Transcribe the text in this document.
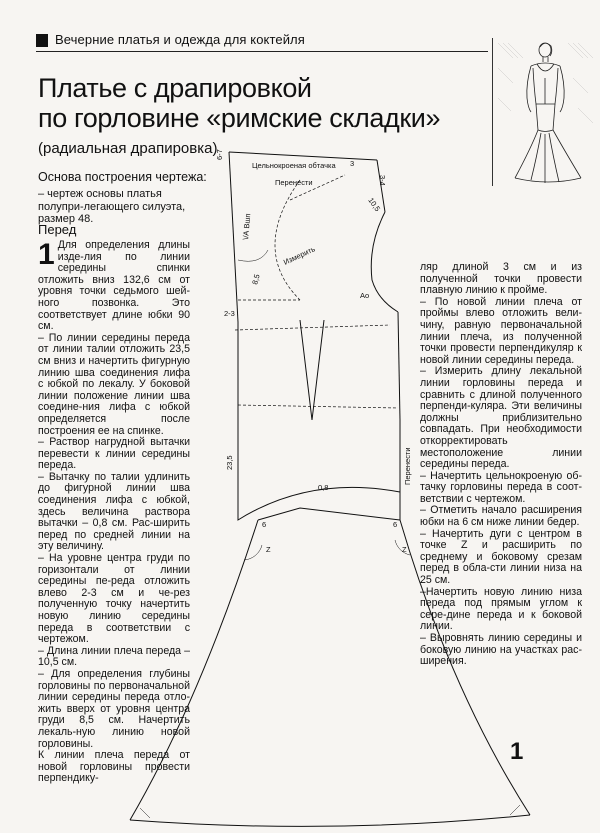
Вечерние платья и одежда для коктейля
Платье с драпировкой
по горловине «римские складки»
(радиальная драпировка)
Основа построения чертежа:
– чертеж основы платья полупри-легающего силуэта, размер 48.
Перед

1 Для определения длины изде-лия по линии середины спинки отложить вниз 132,6 см от уровня точки седьмого шей-ного позвонка. Это соответствует длине юбки 90 см.

– По линии середины переда от линии талии отложить 23,5 см вниз и начертить фигурную линию шва соединения лифа с юбкой по лекалу. У боковой линии положение линии шва соедине-ния лифа с юбкой определяется после построения ее на спинке.

– Раствор нагрудной вытачки перевести к линии середины переда.

– Вытачку по талии удлинить до фигурной линии шва соединения лифа с юбкой, здесь величина раствора вытачки – 0,8 см. Рас-ширить перед по средней линии на эту величину.

– На уровне центра груди по горизонтали от линии середины пе-реда отложить влево 2-3 см и че-рез полученную точку начертить новую линию середины переда в соответствии с чертежом.

– Длина линии плеча переда – 10,5 см.

– Для определения глубины горловины по первоначальной линии середины переда отло-жить вверх от уровня центра груди 8,5 см. Начертить лекаль-ную линию новой горловины.

К линии плеча переда от новой горловины провести перпендику-

ляр длиной 3 см и из полученной точки провести плавную линию к пройме.

– По новой линии плеча от проймы влево отложить вели-чину, равную первоначальной линии плеча, из полученной точки провести перпендикуляр к новой линии середины переда.

– Измерить длину лекальной линии горловины переда и сравнить с длиной полученного перпенди-куляра. Эти величины должны приблизительно совпадать. При необходимости откорректировать местоположение линии середины переда.

– Начертить цельнокроеную об-тачку горловины переда в соот-ветствии с чертежом.

– Отметить начало расширения юбки на 6 см ниже линии бедер.

– Начертить дуги с центром в точке Z и расширить по среднему и боковому срезам перед в обла-сти линии низа на 25 см.

–Начертить новую линию низа переда под прямым углом к сере-дине переда и к боковой линии.

– Выровнять линию середины и боковую линию на участках рас-ширения.

Цельнокроеная обтачка
Перенести
Измерить
Ао
3
3-4
6-7
10,5
8,5
\/А Вшп
2-3
23,5
0,8
Перенести
6	6
Z	Z
1
